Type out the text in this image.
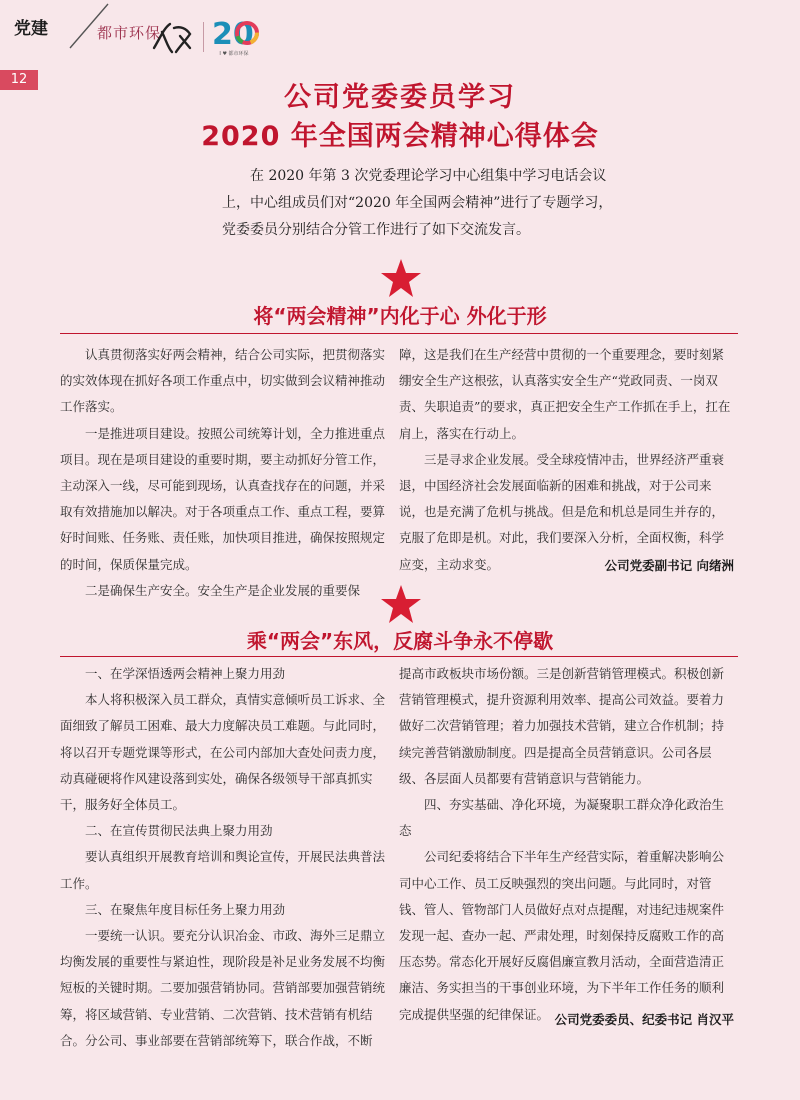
党建	都市环保 20
I ♥ 都市环保
12
公司党委委员学习
2020 年全国两会精神心得体会
在 2020 年第 3 次党委理论学习中心组集中学习电话会议上，中心组成员们对“2020 年全国两会精神”进行了专题学习，党委委员分别结合分管工作进行了如下交流发言。
将“两会精神”内化于心 外化于形

认真贯彻落实好两会精神，结合公司实际，把贯彻落实的实效体现在抓好各项工作重点中，切实做到会议精神推动工作落实。

一是推进项目建设。按照公司统筹计划，全力推进重点项目。现在是项目建设的重要时期，要主动抓好分管工作，主动深入一线，尽可能到现场，认真查找存在的问题，并采取有效措施加以解决。对于各项重点工作、重点工程，要算好时间账、任务账、责任账，加快项目推进，确保按照规定的时间，保质保量完成。

二是确保生产安全。安全生产是企业发展的重要保

障，这是我们在生产经营中贯彻的一个重要理念，要时刻紧绷安全生产这根弦，认真落实安全生产“党政同责、一岗双责、失职追责”的要求，真正把安全生产工作抓在手上，扛在肩上，落实在行动上。

三是寻求企业发展。受全球疫情冲击，世界经济严重衰退，中国经济社会发展面临新的困难和挑战，对于公司来说，也是充满了危机与挑战。但是危和机总是同生并存的，克服了危即是机。对此，我们要深入分析，全面权衡，科学应变，主动求变。	公司党委副书记 向绪洲
乘“两会”东风，反腐斗争永不停歇

一、在学深悟透两会精神上聚力用劲

本人将积极深入员工群众，真情实意倾听员工诉求、全面细致了解员工困难、最大力度解决员工难题。与此同时，将以召开专题党课等形式，在公司内部加大查处问责力度，动真碰硬将作风建设落到实处，确保各级领导干部真抓实干，服务好全体员工。

二、在宣传贯彻民法典上聚力用劲

要认真组织开展教育培训和舆论宣传，开展民法典普法工作。

三、在聚焦年度目标任务上聚力用劲

一要统一认识。要充分认识冶金、市政、海外三足鼎立均衡发展的重要性与紧迫性，现阶段是补足业务发展不均衡短板的关键时期。二要加强营销协同。营销部要加强营销统筹，将区域营销、专业营销、二次营销、技术营销有机结合。分公司、事业部要在营销部统筹下，联合作战，不断

提高市政板块市场份额。三是创新营销管理模式。积极创新营销管理模式，提升资源利用效率、提高公司效益。要着力做好二次营销管理；着力加强技术营销，建立合作机制；持续完善营销激励制度。四是提高全员营销意识。公司各层级、各层面人员都要有营销意识与营销能力。

四、夯实基础、净化环境，为凝聚职工群众净化政治生态

公司纪委将结合下半年生产经营实际，着重解决影响公司中心工作、员工反映强烈的突出问题。与此同时，对管钱、管人、管物部门人员做好点对点提醒，对违纪违规案件发现一起、查办一起、严肃处理，时刻保持反腐败工作的高压态势。常态化开展好反腐倡廉宣教月活动，全面营造清正廉洁、务实担当的干事创业环境，为下半年工作任务的顺利完成提供坚强的纪律保证。 公司党委委员、纪委书记 肖汉平
